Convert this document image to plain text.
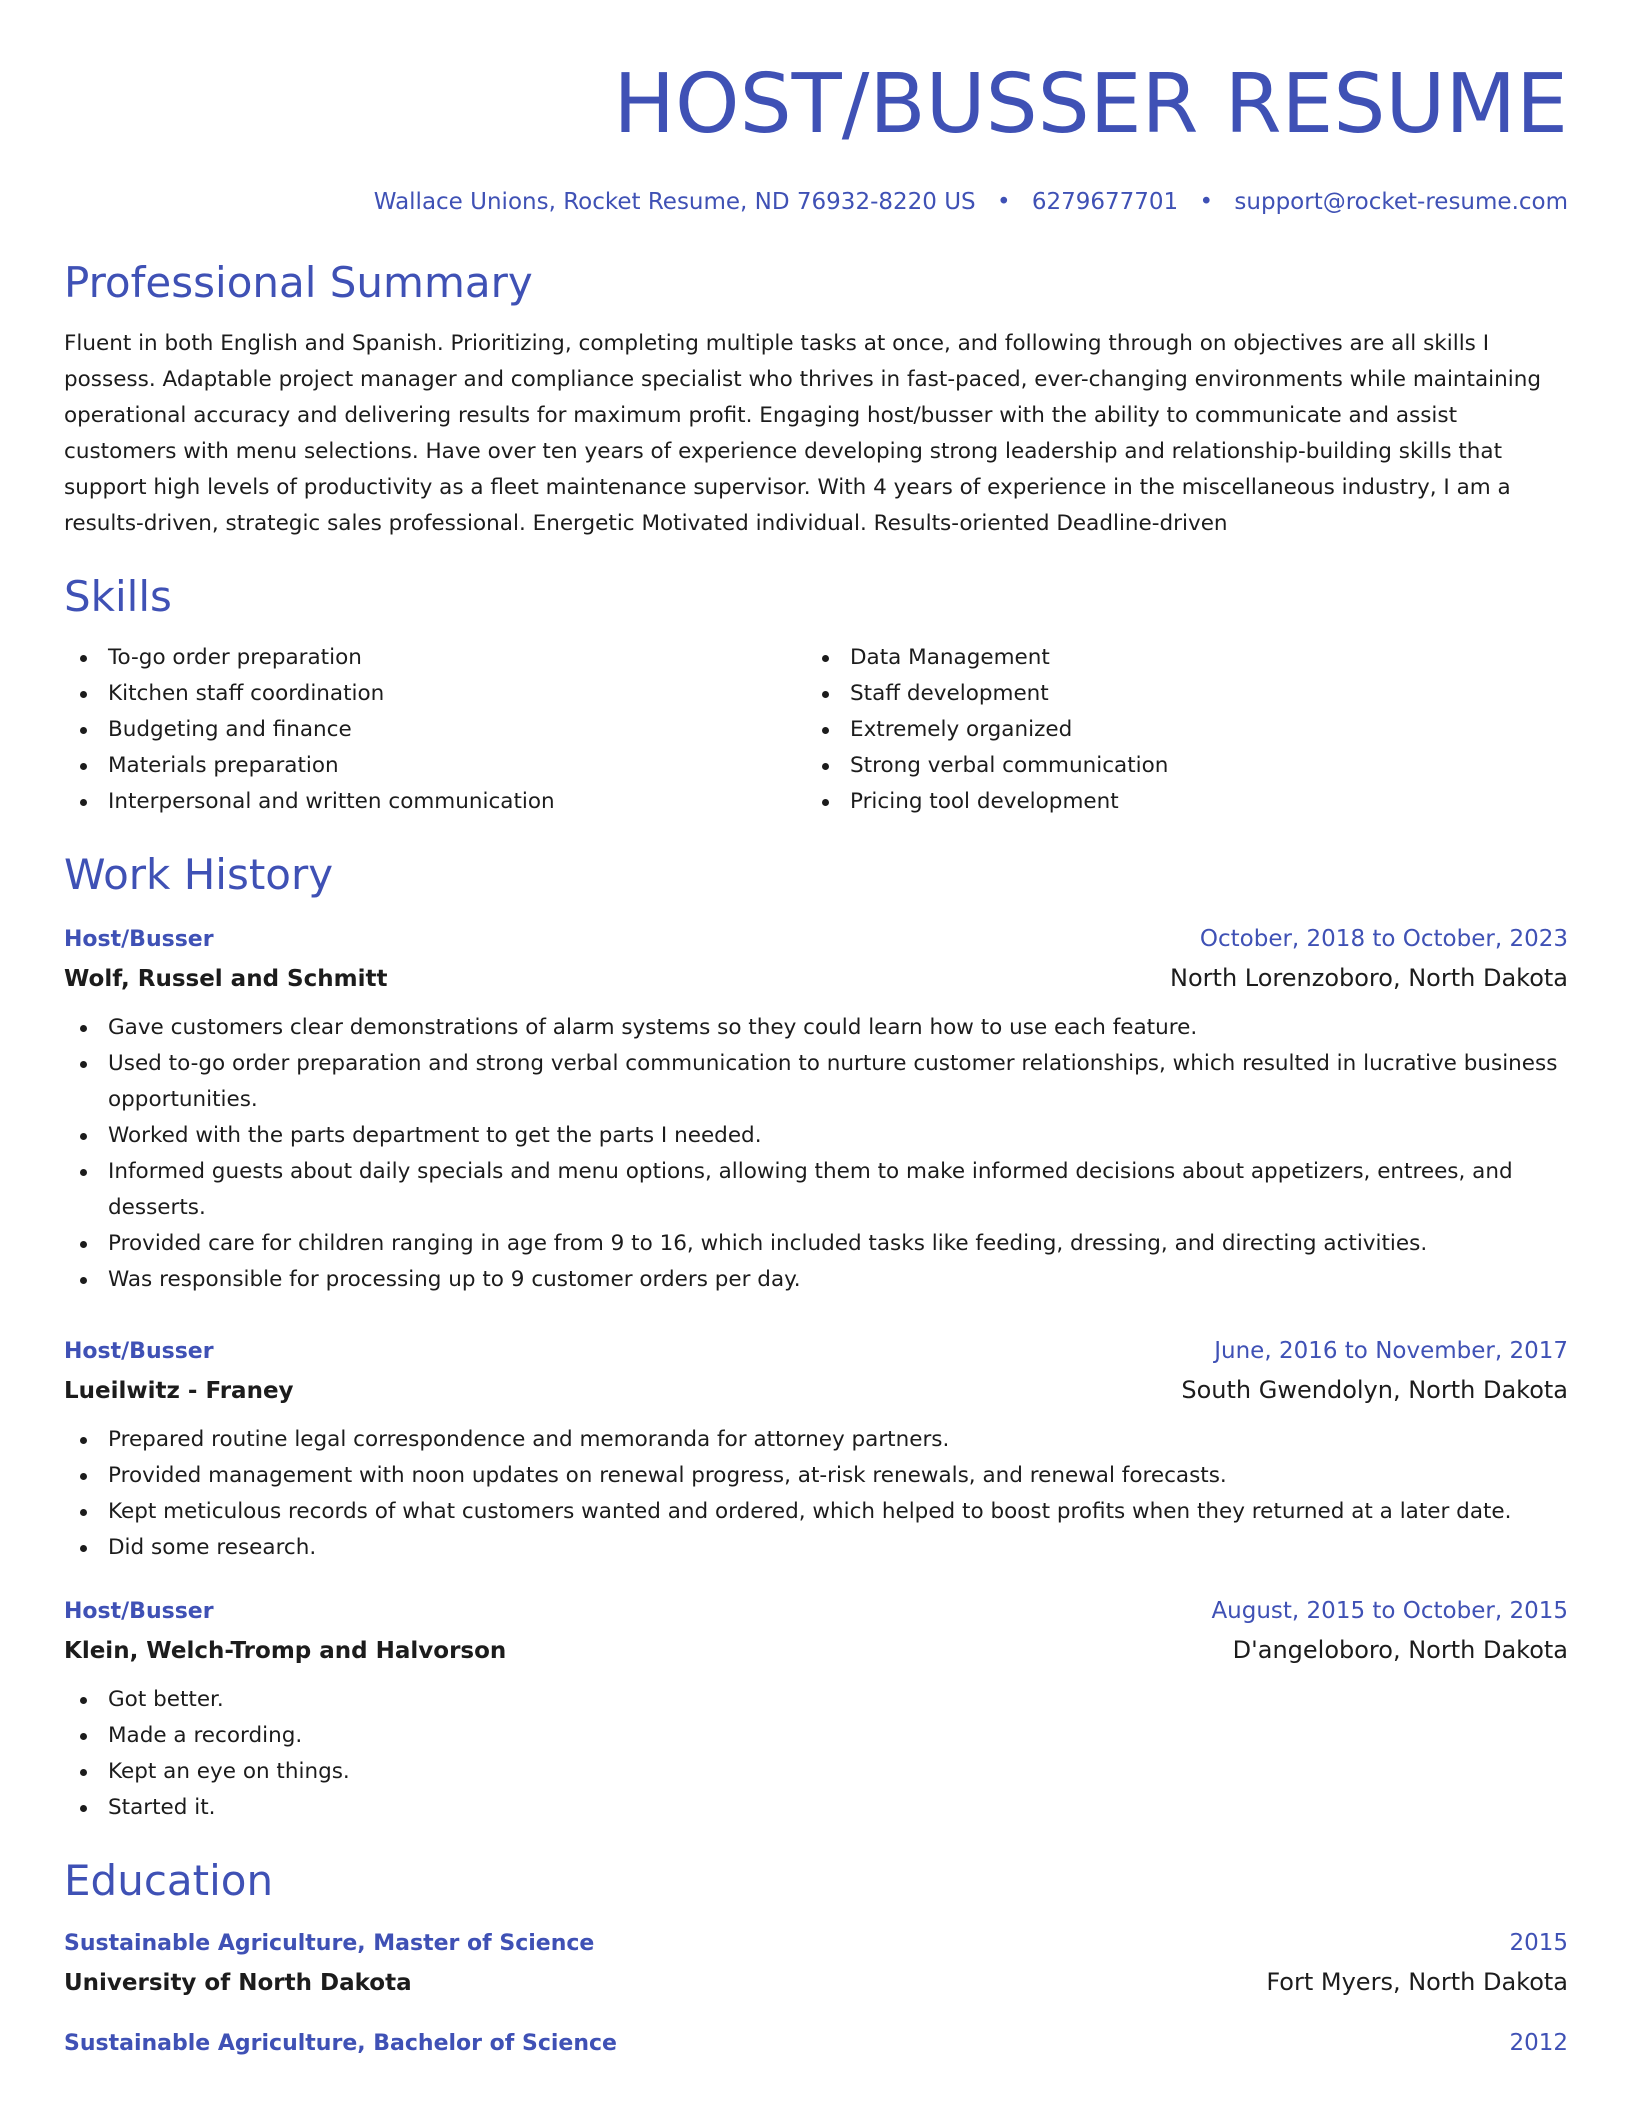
HOST/BUSSER RESUME
Wallace Unions, Rocket Resume, ND 76932-8220 US • 6279677701 • support@rocket-resume.com
Professional Summary

Fluent in both English and Spanish. Prioritizing, completing multiple tasks at once, and following through on objectives are all skills I possess. Adaptable project manager and compliance specialist who thrives in fast-paced, ever-changing environments while maintaining operational accuracy and delivering results for maximum profit. Engaging host/busser with the ability to communicate and assist customers with menu selections. Have over ten years of experience developing strong leadership and relationship-building skills that support high levels of productivity as a fleet maintenance supervisor. With 4 years of experience in the miscellaneous industry, I am a results-driven, strategic sales professional. Energetic Motivated individual. Results-oriented Deadline-driven

Skills
To-go order preparation
Kitchen staff coordination
Budgeting and finance
Materials preparation
Interpersonal and written communication
Data Management
Staff development
Extremely organized
Strong verbal communication
Pricing tool development
Work History
Host/Busser	October, 2018 to October, 2023
Wolf, Russel and Schmitt	North Lorenzoboro, North Dakota
Gave customers clear demonstrations of alarm systems so they could learn how to use each feature.
Used to-go order preparation and strong verbal communication to nurture customer relationships, which resulted in lucrative business opportunities.
Worked with the parts department to get the parts I needed.
Informed guests about daily specials and menu options, allowing them to make informed decisions about appetizers, entrees, and desserts.
Provided care for children ranging in age from 9 to 16, which included tasks like feeding, dressing, and directing activities.
Was responsible for processing up to 9 customer orders per day.
Host/Busser	June, 2016 to November, 2017
Lueilwitz - Franey	South Gwendolyn, North Dakota
Prepared routine legal correspondence and memoranda for attorney partners.
Provided management with noon updates on renewal progress, at-risk renewals, and renewal forecasts.
Kept meticulous records of what customers wanted and ordered, which helped to boost profits when they returned at a later date.
Did some research.
Host/Busser	August, 2015 to October, 2015
Klein, Welch-Tromp and Halvorson	D'angeloboro, North Dakota
Got better.
Made a recording.
Kept an eye on things.
Started it.
Education
Sustainable Agriculture, Master of Science	2015
University of North Dakota	Fort Myers, North Dakota
Sustainable Agriculture, Bachelor of Science	2012
